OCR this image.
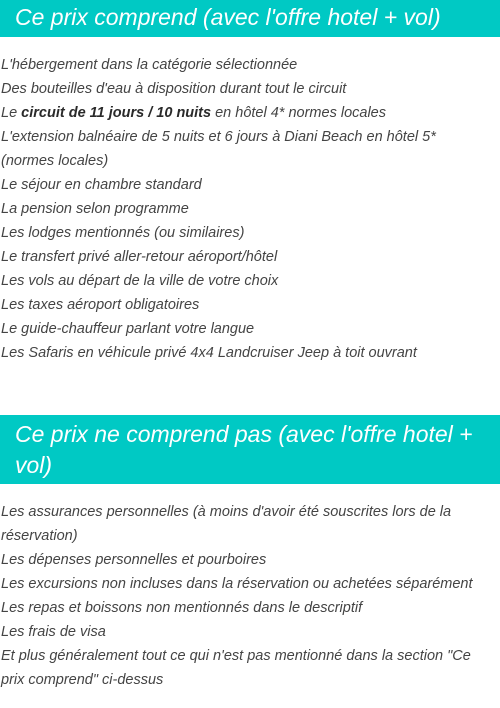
Ce prix comprend (avec l'offre hotel + vol)
L'hébergement dans la catégorie sélectionnée
Des bouteilles d'eau à disposition durant tout le circuit
Le circuit de 11 jours / 10 nuits en hôtel 4* normes locales
L'extension balnéaire de 5 nuits et 6 jours à Diani Beach en hôtel 5* (normes locales)
Le séjour en chambre standard
La pension selon programme
Les lodges mentionnés (ou similaires)
Le transfert privé aller-retour aéroport/hôtel
Les vols au départ de la ville de votre choix
Les taxes aéroport obligatoires
Le guide-chauffeur parlant votre langue
Les Safaris en véhicule privé 4x4 Landcruiser Jeep à toit ouvrant
Ce prix ne comprend pas (avec l'offre hotel + vol)
Les assurances personnelles (à moins d'avoir été souscrites lors de la réservation)
Les dépenses personnelles et pourboires
Les excursions non incluses dans la réservation ou achetées séparément
Les repas et boissons non mentionnés dans le descriptif
Les frais de visa
Et plus généralement tout ce qui n'est pas mentionné dans la section "Ce prix comprend" ci-dessus
